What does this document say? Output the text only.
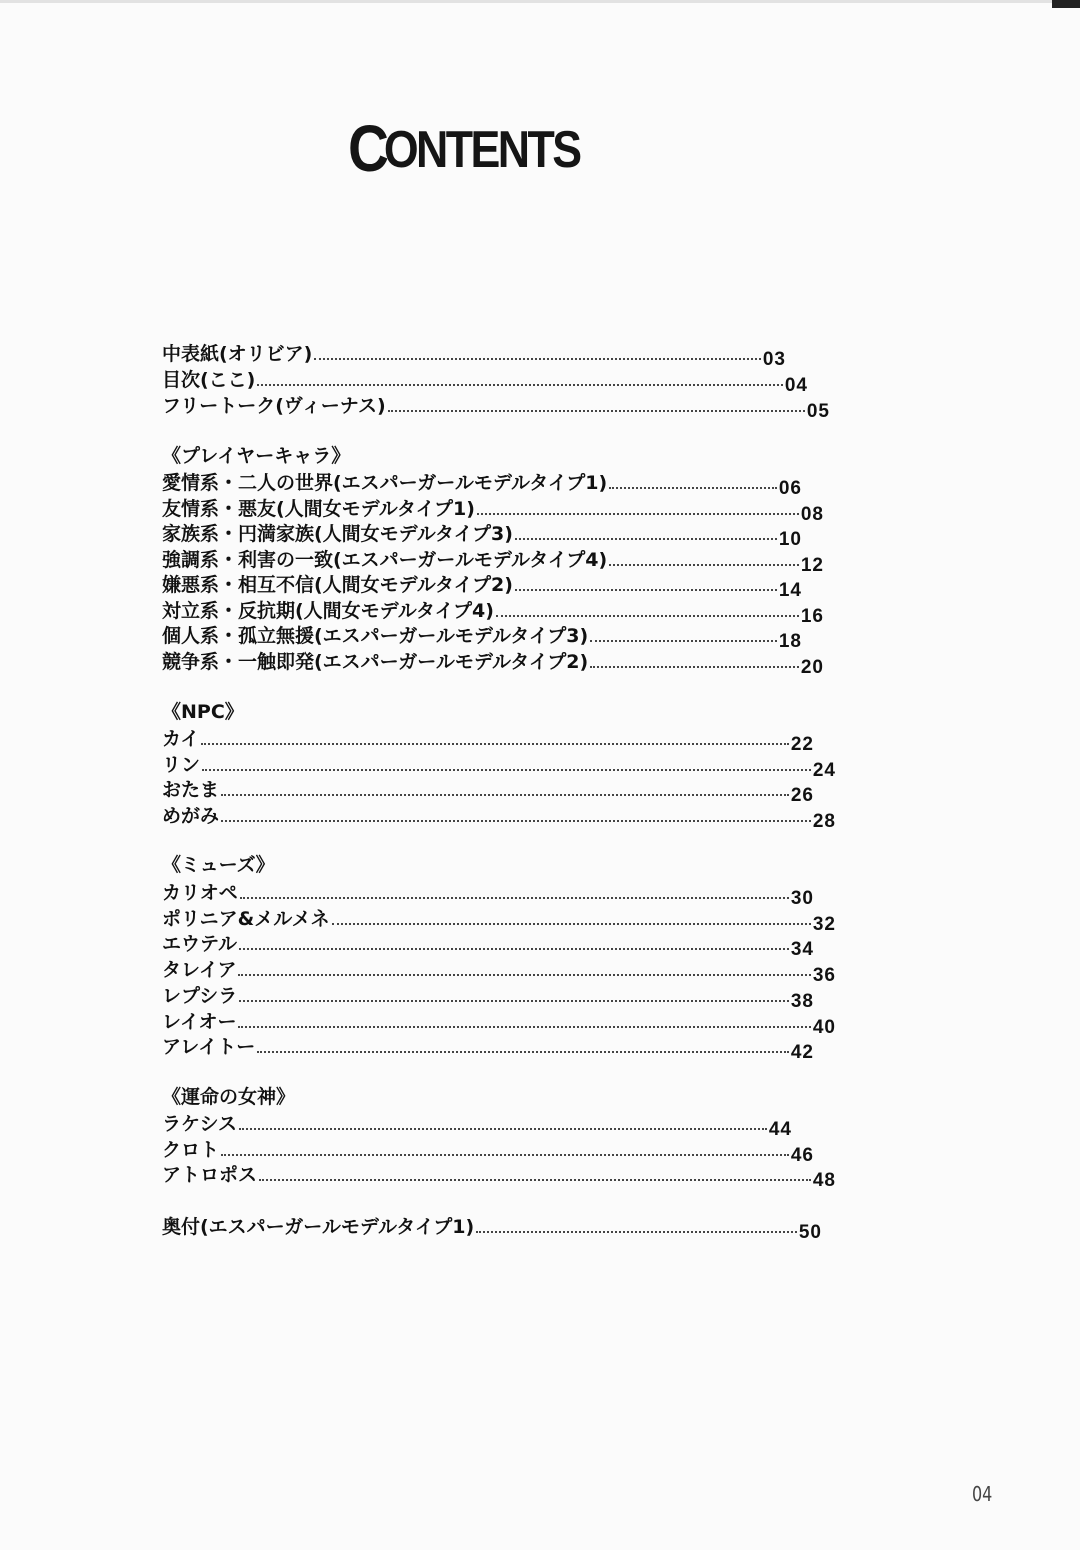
CONTENTS
中表紙(オリビア)	03
目次(ここ)	04
フリートーク(ヴィーナス)	05
《プレイヤーキャラ》
愛情系・二人の世界(エスパーガールモデルタイプ1)	06
友情系・悪友(人間女モデルタイプ1)	08
家族系・円満家族(人間女モデルタイプ3)	10
強調系・利害の一致(エスパーガールモデルタイプ4)	12
嫌悪系・相互不信(人間女モデルタイプ2)	14
対立系・反抗期(人間女モデルタイプ4)	16
個人系・孤立無援(エスパーガールモデルタイプ3)	18
競争系・一触即発(エスパーガールモデルタイプ2)	20
《NPC》
カイ	22
リン	24
おたま	26
めがみ	28
《ミューズ》
カリオペ	30
ポリニア&メルメネ	32
エウテル	34
タレイア	36
レプシラ	38
レイオー	40
アレイトー	42
《運命の女神》
ラケシス	44
クロト	46
アトロポス	48
奥付(エスパーガールモデルタイプ1)	50
04
